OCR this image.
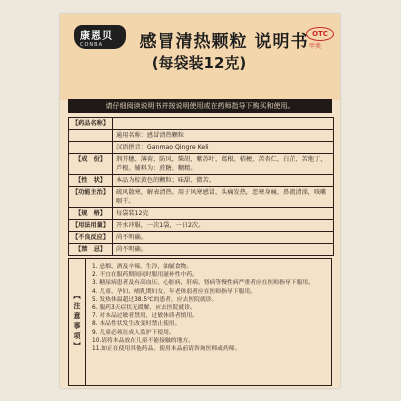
康恩贝
CONBA	感冒清热颗粒 说明书
(每袋装12克)
OTC
甲类
请仔细阅读说明书并按说明使用或在药师指导下购买和使用。
【药品名称】
通用名称：感冒清热颗粒
汉语拼音：Ganmao Qingre Keli
【成　份】	荆芥穗、薄荷、防风、柴胡、紫苏叶、葛根、桔梗、苦杏仁、白芷、苦地丁、芦根。辅料为：蔗糖、糊精。
【性　状】	本品为棕黄色的颗粒；味甜、微苦。
【功能主治】	疏风散寒，解表清热。用于风寒感冒，头痛发热，恶寒身痛，鼻流清涕，咳嗽咽干。
【规　格】	每袋装12克
【用法用量】	开水冲服，一次1袋，一日2次。
【不良反应】	尚不明确。
【禁　忌】	尚不明确。
【注意事项】
1. 忌烟、酒及辛辣、生冷、油腻食物。
2. 不宜在服药期间同时服用滋补性中药。
3. 糖尿病患者及有高血压、心脏病、肝病、肾病等慢性病严重者应在医师指导下服用。
4. 儿童、孕妇、哺乳期妇女、年老体弱者应在医师指导下服用。
5. 发热体温超过38.5℃的患者，应去医院就诊。
6. 服药3天症状无缓解，应去医院就诊。
7. 对本品过敏者禁用，过敏体质者慎用。
8. 本品性状发生改变时禁止使用。
9. 儿童必须在成人监护下使用。
10.请将本品放在儿童不能接触的地方。
11.如正在使用其他药品，使用本品前请咨询医师或药师。
